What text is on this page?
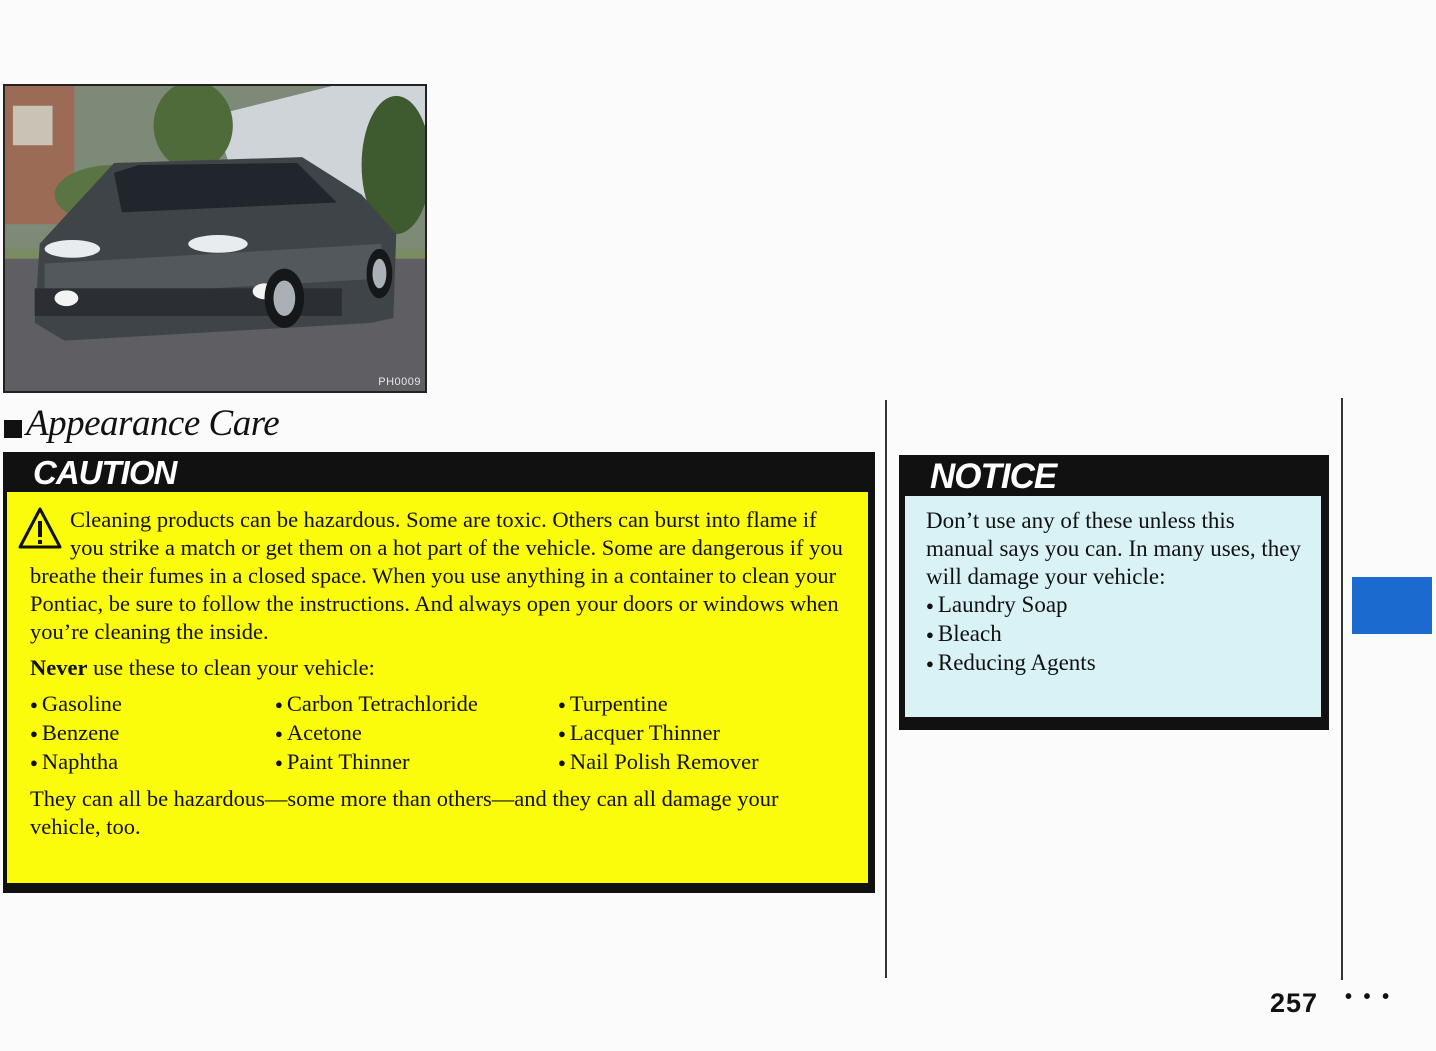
PH0009
Appearance Care
CAUTION

Cleaning products can be hazardous. Some are toxic. Others can burst into flame if you strike a match or get them on a hot part of the vehicle. Some are dangerous if you breathe their fumes in a closed space. When you use anything in a container to clean your Pontiac, be sure to follow the instructions. And always open your doors or windows when you’re cleaning the inside.

Never use these to clean your vehicle:

● Gasoline
● Benzene
● Naphtha
● Carbon Tetrachloride
● Acetone
● Paint Thinner
● Turpentine
● Lacquer Thinner
● Nail Polish Remover

They can all be hazardous—some more than others—and they can all damage your vehicle, too.

NOTICE

Don’t use any of these unless this manual says you can. In many uses, they will damage your vehicle:

● Laundry Soap
● Bleach
● Reducing Agents
257 • • •
